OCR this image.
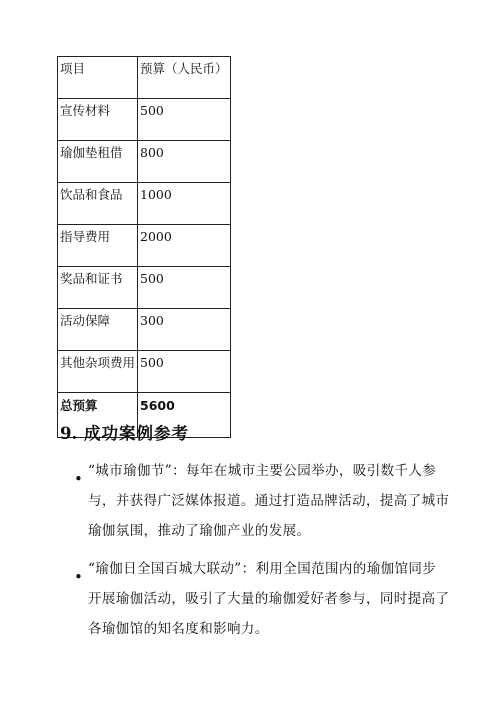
项目	预算（人民币）
宣传材料	500
瑜伽垫租借	800
饮品和食品	1000
指导费用	2000
奖品和证书	500
活动保障	300
其他杂项费用	500
总预算	5600
9. 成功案例参考
• “城市瑜伽节”：每年在城市主要公园举办，吸引数千人参与，并获得广泛媒体报道。通过打造品牌活动，提高了城市瑜伽氛围，推动了瑜伽产业的发展。
• “瑜伽日全国百城大联动”：利用全国范围内的瑜伽馆同步开展瑜伽活动，吸引了大量的瑜伽爱好者参与，同时提高了各瑜伽馆的知名度和影响力。
